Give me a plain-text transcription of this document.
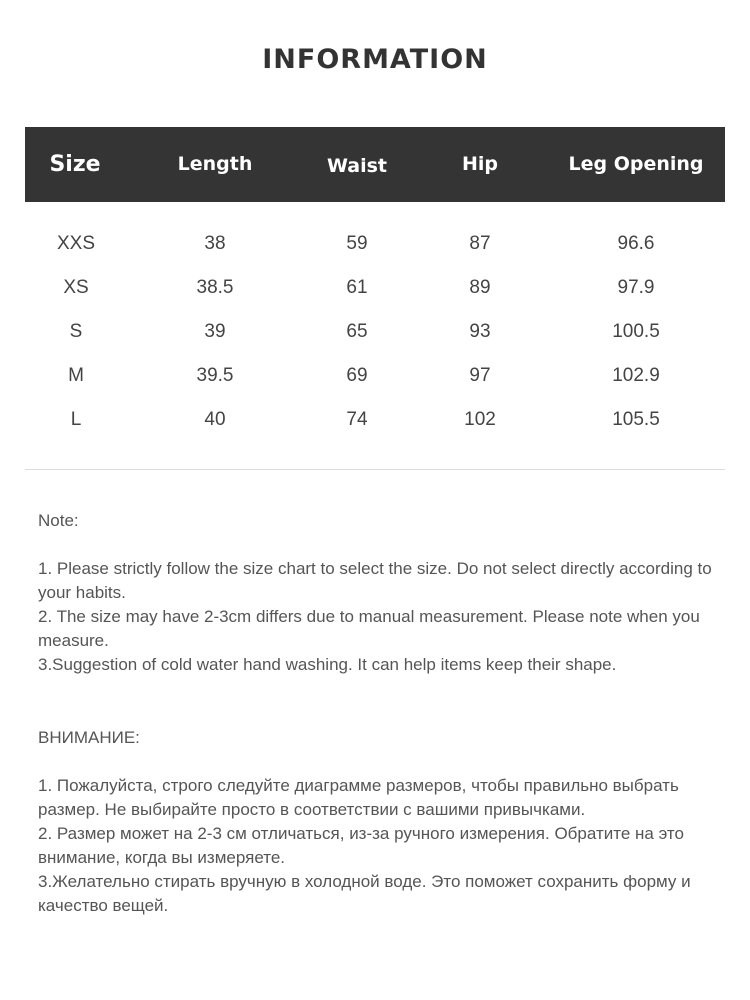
INFORMATION
Size	Length	Waist	Hip	Leg Opening
XXS	38	59	87	96.6
XS	38.5	61	89	97.9
S	39	65	93	100.5
M	39.5	69	97	102.9
L	40	74	102	105.5
Note:

1. Please strictly follow the size chart to select the size. Do not select directly according to your habits.

2. The size may have 2-3cm differs due to manual measurement. Please note when you measure.

3.Suggestion of cold water hand washing. It can help items keep their shape.

ВНИМАНИЕ:

1. Пожалуйста, строго следуйте диаграмме размеров, чтобы правильно выбрать размер. Не выбирайте просто в соответствии с вашими привычками.

2. Размер может на 2-3 см отличаться, из-за ручного измерения. Обратите на это внимание, когда вы измеряете.

3.Желательно стирать вручную в холодной воде. Это поможет сохранить форму и качество вещей.
